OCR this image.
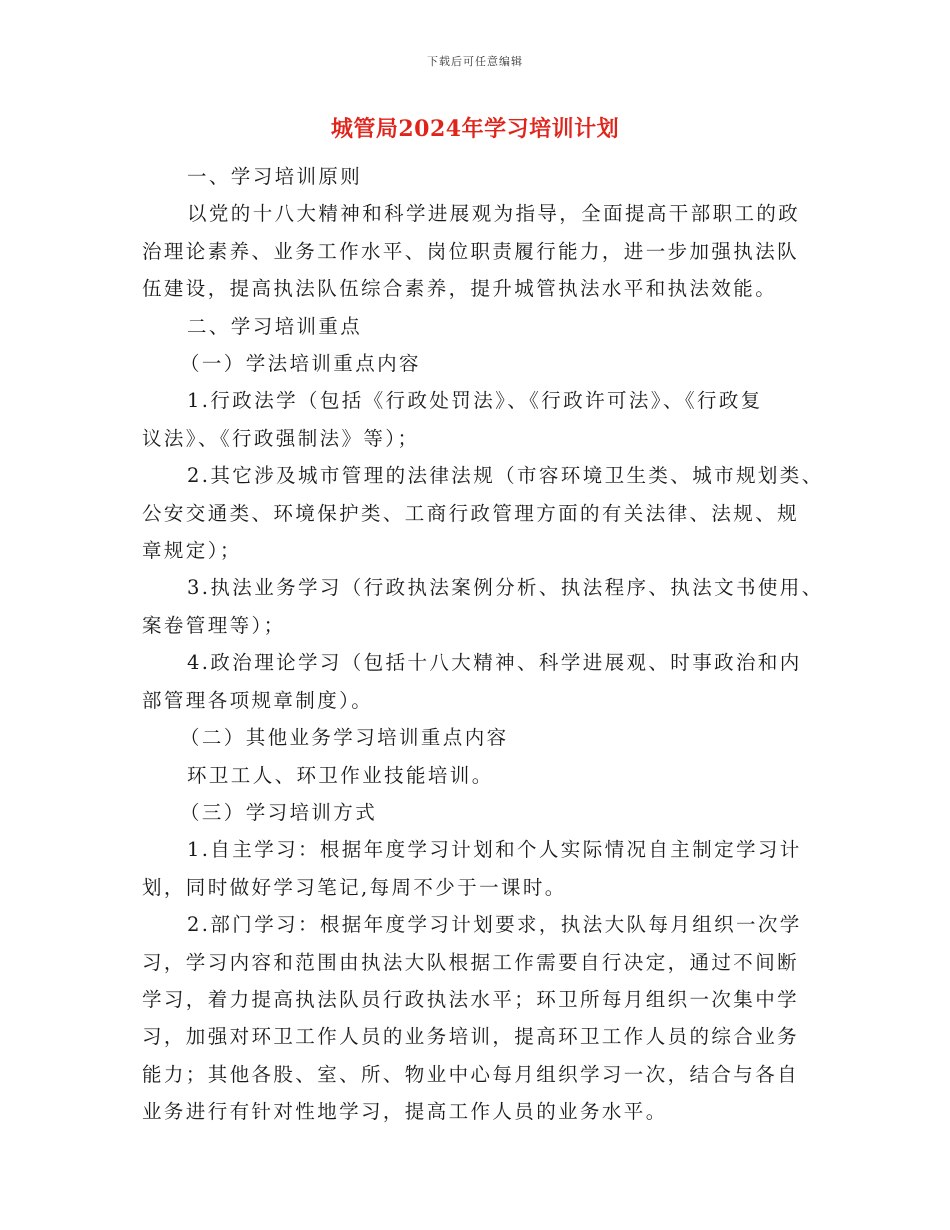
下载后可任意编辑
城管局2024年学习培训计划

一、学习培训原则

以党的十八大精神和科学进展观为指导，全面提高干部职工的政

治理论素养、业务工作水平、岗位职责履行能力，进一步加强执法队

伍建设，提高执法队伍综合素养，提升城管执法水平和执法效能。

二、学习培训重点

（一）学法培训重点内容

1.行政法学（包括《行政处罚法》、《行政许可法》、《行政复

议法》、《行政强制法》等）；

2.其它涉及城市管理的法律法规（市容环境卫生类、城市规划类、

公安交通类、环境保护类、工商行政管理方面的有关法律、法规、规

章规定）；

3.执法业务学习（行政执法案例分析、执法程序、执法文书使用、

案卷管理等）；

4.政治理论学习（包括十八大精神、科学进展观、时事政治和内

部管理各项规章制度）。

（二）其他业务学习培训重点内容

环卫工人、环卫作业技能培训。

（三）学习培训方式

1.自主学习：根据年度学习计划和个人实际情况自主制定学习计

划，同时做好学习笔记,每周不少于一课时。

2.部门学习：根据年度学习计划要求，执法大队每月组织一次学

习，学习内容和范围由执法大队根据工作需要自行决定，通过不间断

学习，着力提高执法队员行政执法水平；环卫所每月组织一次集中学

习，加强对环卫工作人员的业务培训，提高环卫工作人员的综合业务

能力；其他各股、室、所、物业中心每月组织学习一次，结合与各自

业务进行有针对性地学习，提高工作人员的业务水平。
